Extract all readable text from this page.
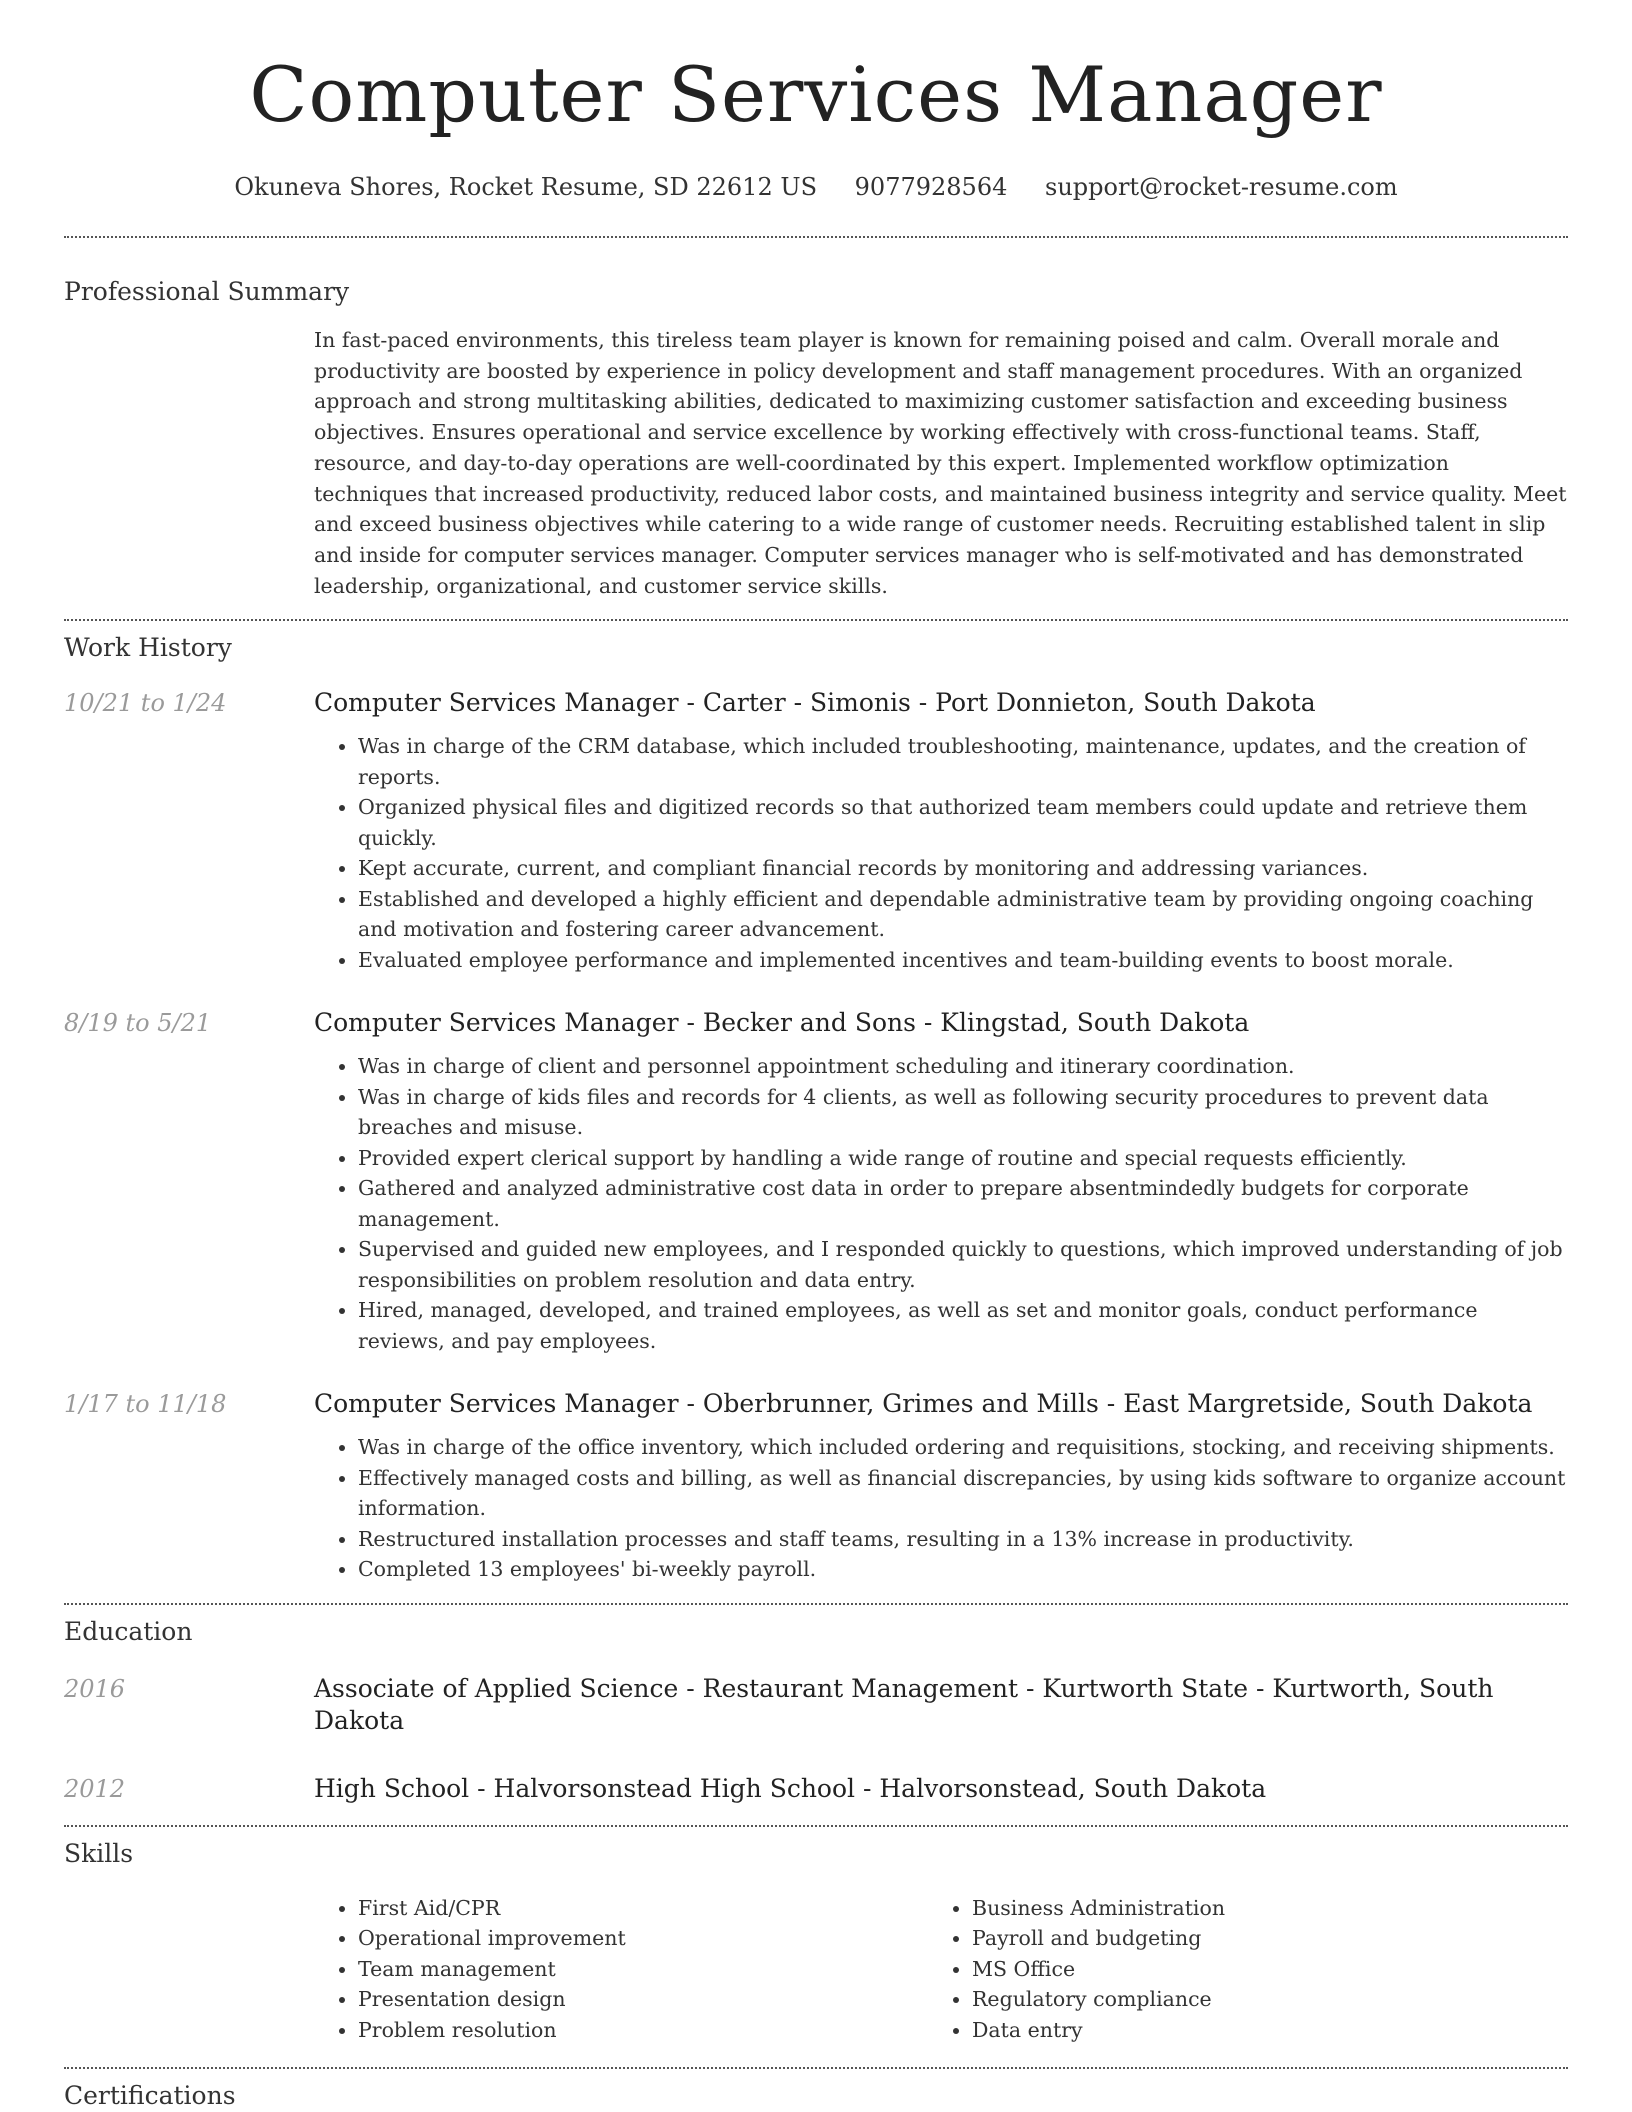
Computer Services Manager
Okuneva Shores, Rocket Resume, SD 22612 US 9077928564 support@rocket-resume.com
Professional Summary

In fast-paced environments, this tireless team player is known for remaining poised and calm. Overall morale and productivity are boosted by experience in policy development and staff management procedures. With an organized approach and strong multitasking abilities, dedicated to maximizing customer satisfaction and exceeding business objectives. Ensures operational and service excellence by working effectively with cross-functional teams. Staff, resource, and day-to-day operations are well-coordinated by this expert. Implemented workflow optimization techniques that increased productivity, reduced labor costs, and maintained business integrity and service quality. Meet and exceed business objectives while catering to a wide range of customer needs. Recruiting established talent in slip and inside for computer services manager. Computer services manager who is self-motivated and has demonstrated leadership, organizational, and customer service skills.

Work History
10/21 to 1/24	Computer Services Manager - Carter - Simonis - Port Donnieton, South Dakota
• Was in charge of the CRM database, which included troubleshooting, maintenance, updates, and the creation of reports.
• Organized physical files and digitized records so that authorized team members could update and retrieve them quickly.
• Kept accurate, current, and compliant financial records by monitoring and addressing variances.
• Established and developed a highly efficient and dependable administrative team by providing ongoing coaching and motivation and fostering career advancement.
• Evaluated employee performance and implemented incentives and team-building events to boost morale.
8/19 to 5/21	Computer Services Manager - Becker and Sons - Klingstad, South Dakota
• Was in charge of client and personnel appointment scheduling and itinerary coordination.
• Was in charge of kids files and records for 4 clients, as well as following security procedures to prevent data breaches and misuse.
• Provided expert clerical support by handling a wide range of routine and special requests efficiently.
• Gathered and analyzed administrative cost data in order to prepare absentmindedly budgets for corporate management.
• Supervised and guided new employees, and I responded quickly to questions, which improved understanding of job responsibilities on problem resolution and data entry.
• Hired, managed, developed, and trained employees, as well as set and monitor goals, conduct performance reviews, and pay employees.
1/17 to 11/18	Computer Services Manager - Oberbrunner, Grimes and Mills - East Margretside, South Dakota
• Was in charge of the office inventory, which included ordering and requisitions, stocking, and receiving shipments.
• Effectively managed costs and billing, as well as financial discrepancies, by using kids software to organize account information.
• Restructured installation processes and staff teams, resulting in a 13% increase in productivity.
• Completed 13 employees' bi-weekly payroll.
Education
2016	Associate of Applied Science - Restaurant Management - Kurtworth State - Kurtworth, South Dakota
2012	High School - Halvorsonstead High School - Halvorsonstead, South Dakota
Skills
• First Aid/CPR
• Operational improvement
• Team management
• Presentation design
• Problem resolution
• Business Administration
• Payroll and budgeting
• MS Office
• Regulatory compliance
• Data entry
Certifications
